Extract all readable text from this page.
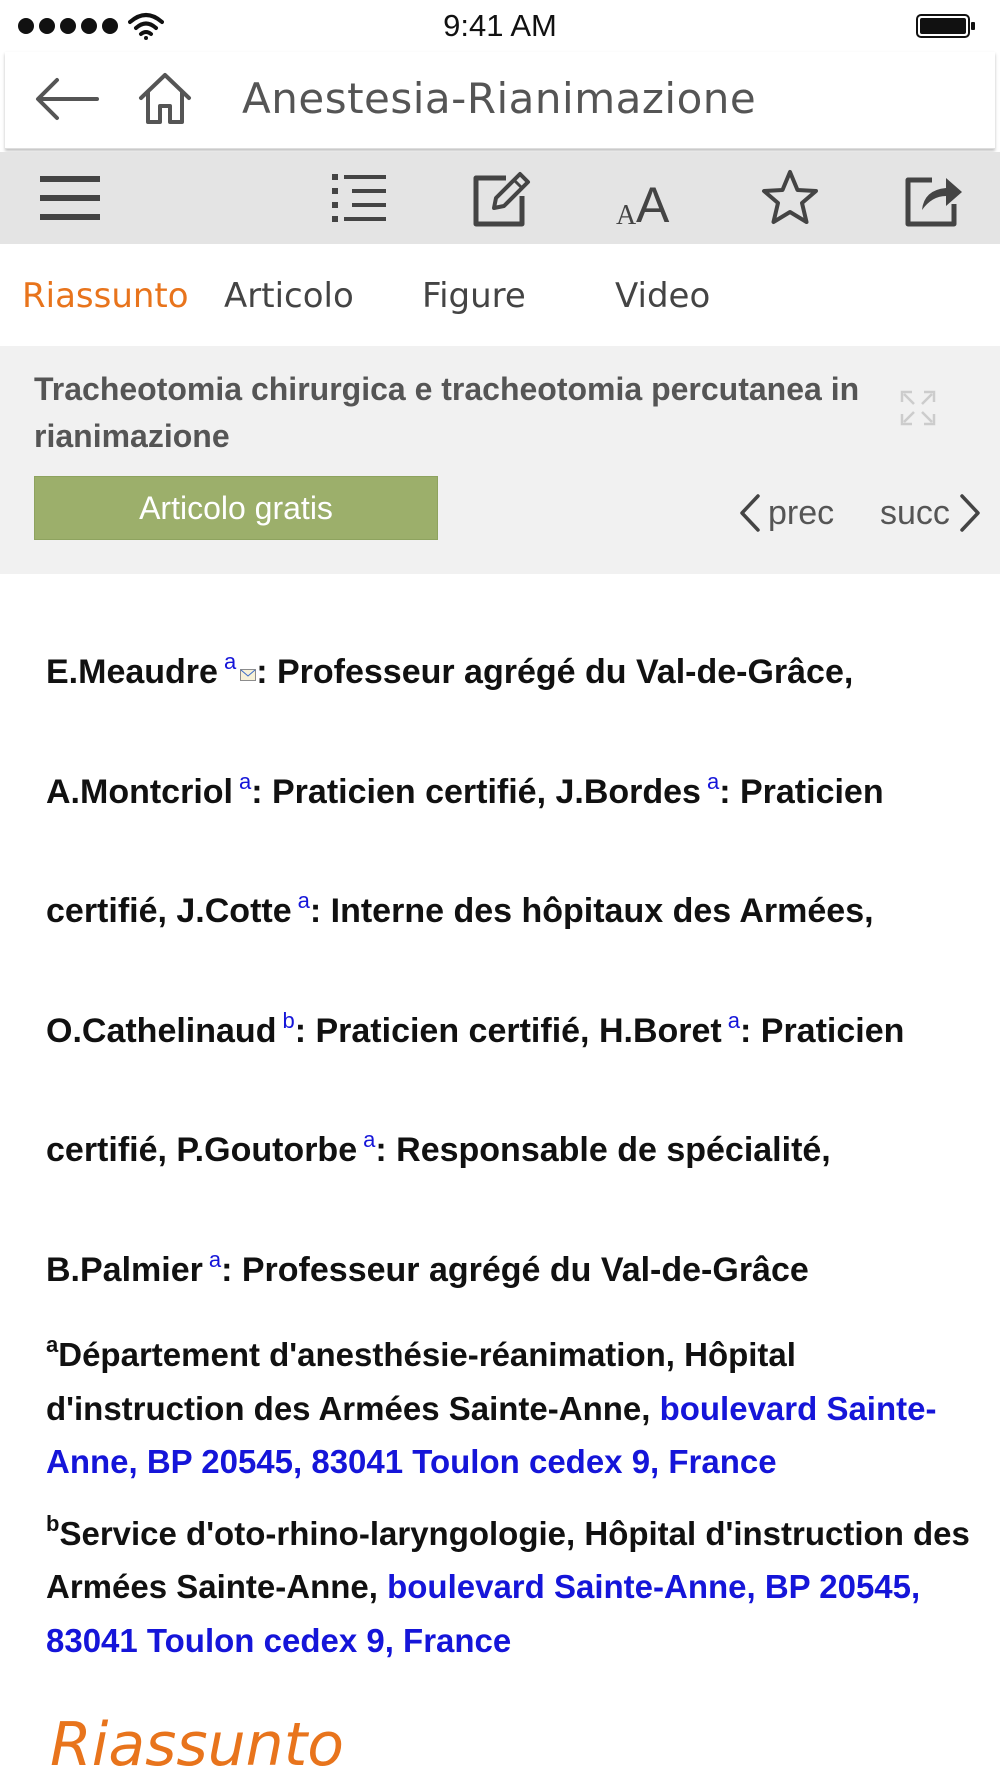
9:41 AM
Anestesia-Rianimazione
A A
Riassunto Articolo Figure	Video
Tracheotomia chirurgica e tracheotomia percutanea in rianimazione
Articolo gratis	prec succ
E.Meaudre $^a$ : Professeur agrégé du Val-de-Grâce,
A.Montcriol $^a$: Praticien certifié, J.Bordes $^a$: Praticien
certifié, J.Cotte $^a$: Interne des hôpitaux des Armées,
O.Cathelinaud $^b$: Praticien certifié, H.Boret $^a$: Praticien
certifié, P.Goutorbe $^a$: Responsable de spécialité,
B.Palmier $^a$: Professeur agrégé du Val-de-Grâce

$^a$Département d'anesthésie-réanimation, Hôpital d'instruction des Armées Sainte-Anne, boulevard Sainte-Anne, BP 20545, 83041 Toulon cedex 9, France

$^b$Service d'oto-rhino-laryngologie, Hôpital d'instruction des Armées Sainte-Anne, boulevard Sainte-Anne, BP 20545, 83041 Toulon cedex 9, France

Riassunto
